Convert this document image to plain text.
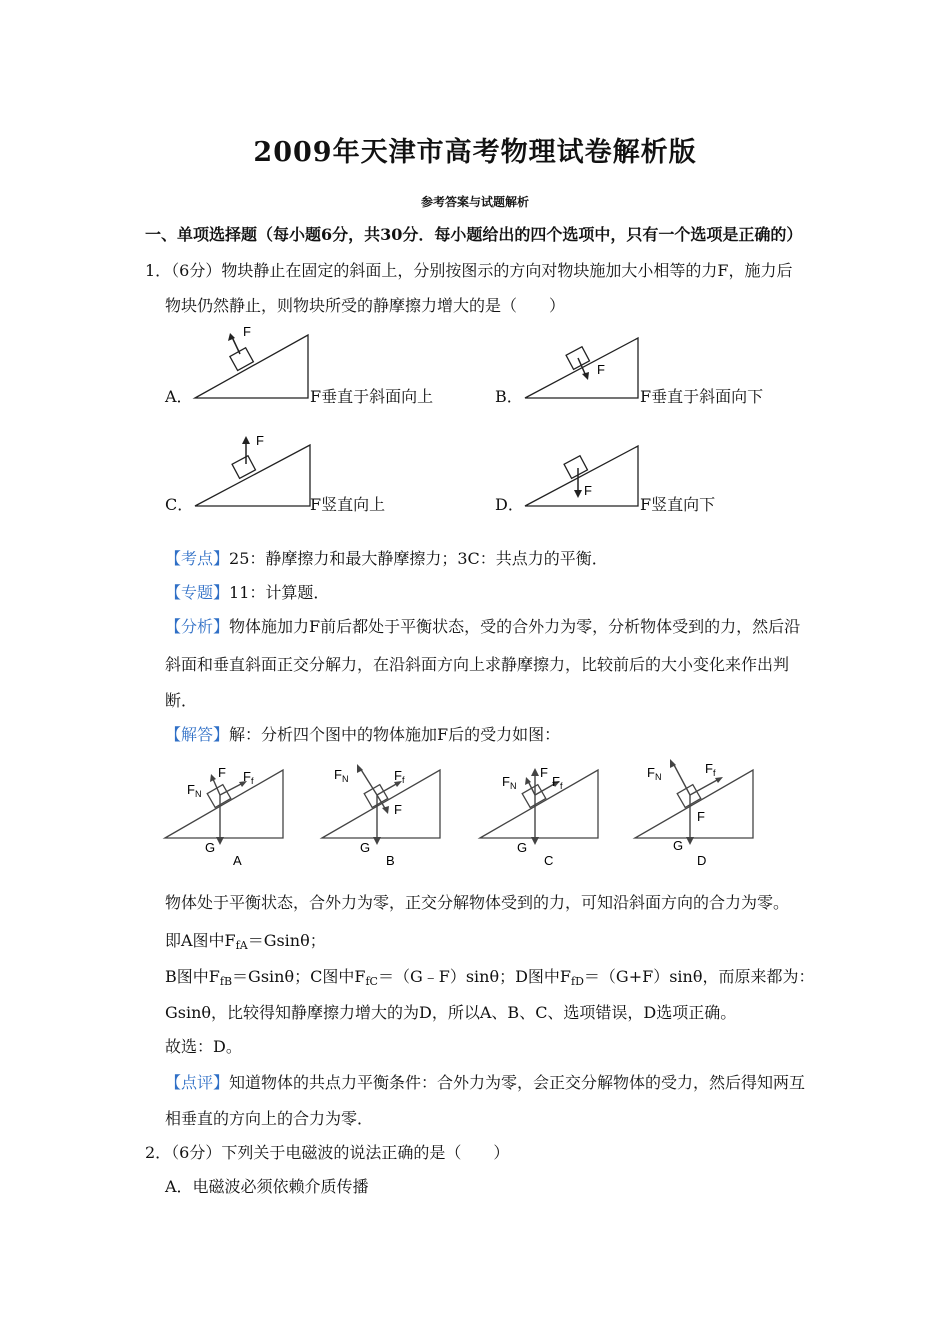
2009年天津市高考物理试卷解析版
参考答案与试题解析
一、单项选择题（每小题6分，共30分．每小题给出的四个选项中，只有一个选项是正确的）
1．（6分）物块静止在固定的斜面上，分别按图示的方向对物块施加大小相等的力F，施力后
物块仍然静止，则物块所受的静摩擦力增大的是（　　）
A．
F
F垂直于斜面向上	B．
F
F垂直于斜面向下
C．
F
F竖直向上	D．
F
F竖直向下
【考点】25：静摩擦力和最大静摩擦力；3C：共点力的平衡．
【专题】11：计算题．
【分析】物体施加力F前后都处于平衡状态，受的合外力为零，分析物体受到的力，然后沿
斜面和垂直斜面正交分解力，在沿斜面方向上求静摩擦力，比较前后的大小变化来作出判
断．
【解答】解：分析四个图中的物体施加F后的受力如图：
F
$F_N$
$F_f$
G
A
$F_N$	$F_f$
F
G
B
F
$F_N$	$F_f$
G
C
$F_N$
$F_f$
F
G
D
物体处于平衡状态，合外力为零，正交分解物体受到的力，可知沿斜面方向的合力为零。
即A图中$F_{fA}=Gsin\theta$；
B图中$F_{fB}=Gsin\theta$；C图中$F_{fC}=(G﹣F)\sin\theta$；D图中$F_{fD}=(G+F)\sin\theta$，而原来都为：
Gsinθ，比较得知静摩擦力增大的为D，所以A、B、C、选项错误，D选项正确。
故选：D。
【点评】知道物体的共点力平衡条件：合外力为零，会正交分解物体的受力，然后得知两互
相垂直的方向上的合力为零．
2．（6分）下列关于电磁波的说法正确的是（　　）
A．电磁波必须依赖介质传播
